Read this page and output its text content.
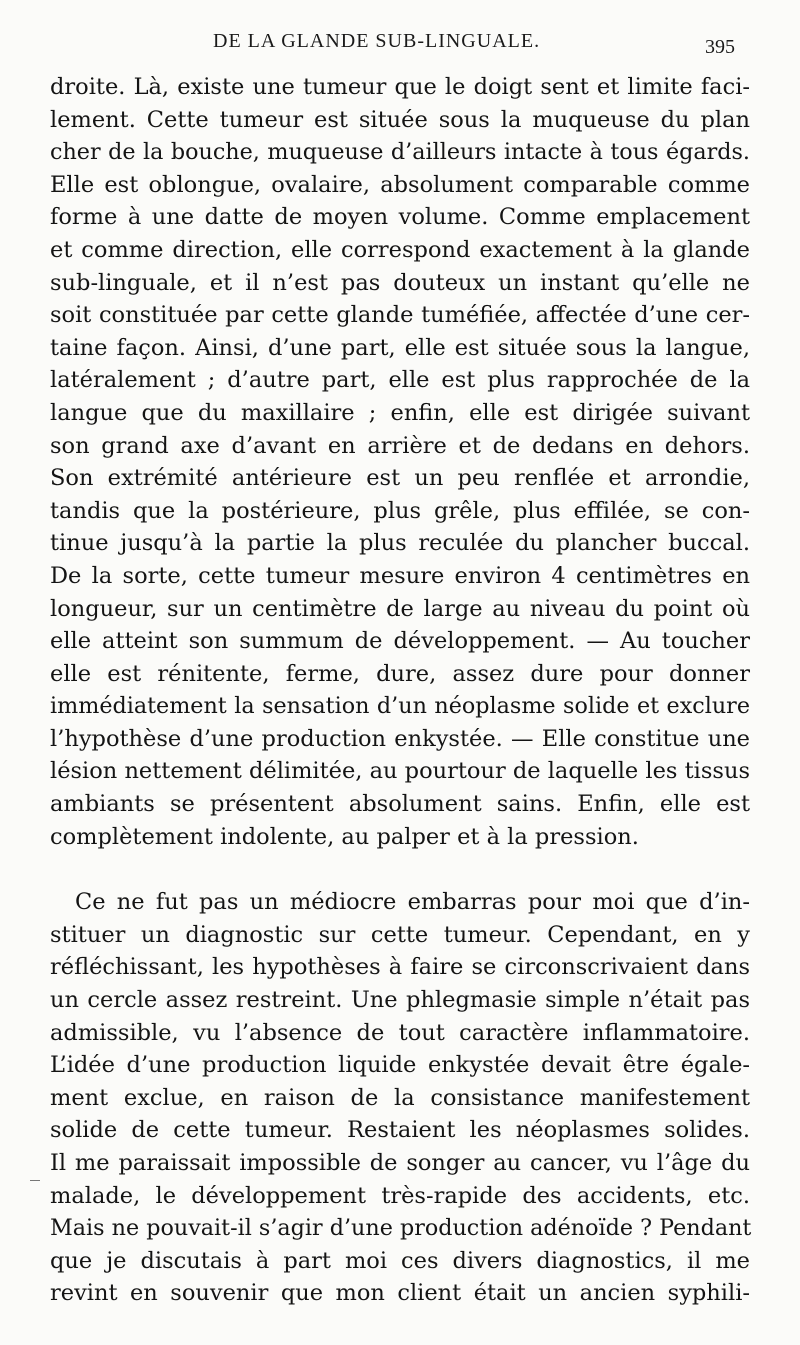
DE LA GLANDE SUB-LINGUALE.	395
droite. Là, existe une tumeur que le doigt sent et limite faci-
lement. Cette tumeur est située sous la muqueuse du plan
cher de la bouche, muqueuse d’ailleurs intacte à tous égards.
Elle est oblongue, ovalaire, absolument comparable comme
forme à une datte de moyen volume. Comme emplacement
et comme direction, elle correspond exactement à la glande
sub-linguale, et il n’est pas douteux un instant qu’elle ne
soit constituée par cette glande tuméfiée, affectée d’une cer-
taine façon. Ainsi, d’une part, elle est située sous la langue,
latéralement ; d’autre part, elle est plus rapprochée de la
langue que du maxillaire ; enfin, elle est dirigée suivant
son grand axe d’avant en arrière et de dedans en dehors.
Son extrémité antérieure est un peu renflée et arrondie,
tandis que la postérieure, plus grêle, plus effilée, se con-
tinue jusqu’à la partie la plus reculée du plancher buccal.
De la sorte, cette tumeur mesure environ 4 centimètres en
longueur, sur un centimètre de large au niveau du point où
elle atteint son summum de développement. — Au toucher
elle est rénitente, ferme, dure, assez dure pour donner
immédiatement la sensation d’un néoplasme solide et exclure
l’hypothèse d’une production enkystée. — Elle constitue une
lésion nettement délimitée, au pourtour de laquelle les tissus
ambiants se présentent absolument sains. Enfin, elle est
complètement indolente, au palper et à la pression.
Ce ne fut pas un médiocre embarras pour moi que d’in-
stituer un diagnostic sur cette tumeur. Cependant, en y
réfléchissant, les hypothèses à faire se circonscrivaient dans
un cercle assez restreint. Une phlegmasie simple n’était pas
admissible, vu l’absence de tout caractère inflammatoire.
L’idée d’une production liquide enkystée devait être égale-
ment exclue, en raison de la consistance manifestement
solide de cette tumeur. Restaient les néoplasmes solides.
Il me paraissait impossible de songer au cancer, vu l’âge du
malade, le développement très-rapide des accidents, etc.
Mais ne pouvait-il s’agir d’une production adénoïde ? Pendant
que je discutais à part moi ces divers diagnostics, il me
revint en souvenir que mon client était un ancien syphili-
